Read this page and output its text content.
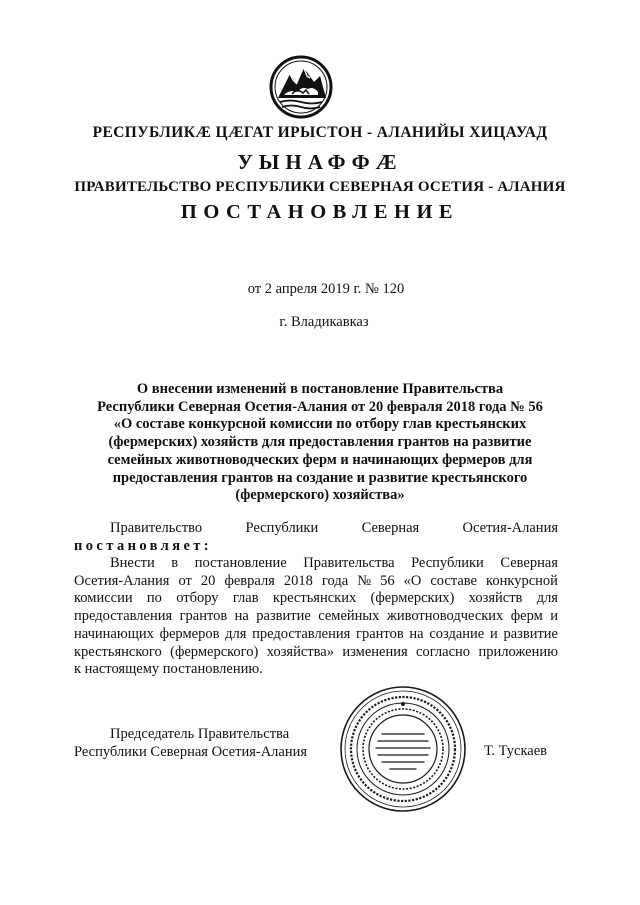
РЕСПУБЛИКӔ ЦӔГАТ ИРЫСТОН - АЛАНИЙЫ ХИЦАУАД
УЫНАФФӔ
ПРАВИТЕЛЬСТВО РЕСПУБЛИКИ СЕВЕРНАЯ ОСЕТИЯ - АЛАНИЯ
ПОСТАНОВЛЕНИЕ
от 2 апреля 2019 г. № 120
г. Владикавказ
О внесении изменений в постановление Правительства
Республики Северная Осетия-Алания от 20 февраля 2018 года № 56
«О составе конкурсной комиссии по отбору глав крестьянских
(фермерских) хозяйств для предоставления грантов на развитие
семейных животноводческих ферм и начинающих фермеров для
предоставления грантов на создание и развитие крестьянского
(фермерского) хозяйства»
Правительство	Республики	Северная	Осетия-Алания
постановляет:
Внести в постановление Правительства Республики Северная
Осетия-Алания от 20 февраля 2018 года № 56 «О составе конкурсной
комиссии по отбору глав крестьянских (фермерских) хозяйств для
предоставления грантов на развитие семейных животноводческих ферм и
начинающих фермеров для предоставления грантов на создание и развитие
крестьянского (фермерского) хозяйства» изменения согласно приложению
к настоящему постановлению.
Председатель Правительства
Республики Северная Осетия-Алания	Т. Тускаев
